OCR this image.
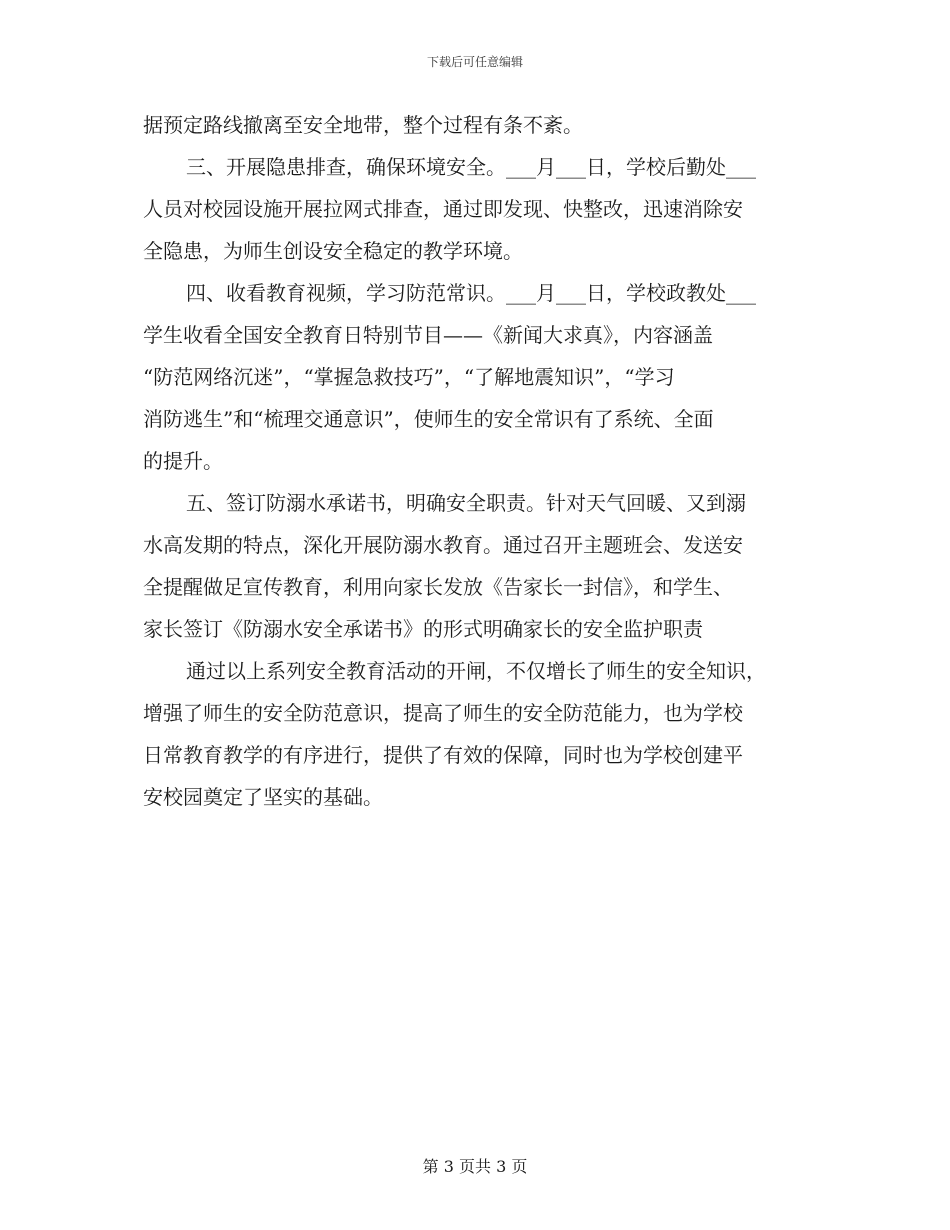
下载后可任意编辑
据预定路线撤离至安全地带，整个过程有条不紊。
三、开展隐患排查，确保环境安全。___月___日，学校后勤处___
人员对校园设施开展拉网式排查，通过即发现、快整改，迅速消除安
全隐患，为师生创设安全稳定的教学环境。
四、收看教育视频，学习防范常识。___月___日，学校政教处___
学生收看全国安全教育日特别节目——《新闻大求真》，内容涵盖
“防范网络沉迷”，“掌握急救技巧”，“了解地震知识”，“学习
消防逃生”和“梳理交通意识”，使师生的安全常识有了系统、全面
的提升。
五、签订防溺水承诺书，明确安全职责。针对天气回暖、又到溺
水高发期的特点，深化开展防溺水教育。通过召开主题班会、发送安
全提醒做足宣传教育，利用向家长发放《告家长一封信》，和学生、
家长签订《防溺水安全承诺书》的形式明确家长的安全监护职责
通过以上系列安全教育活动的开闸，不仅增长了师生的安全知识，
增强了师生的安全防范意识，提高了师生的安全防范能力，也为学校
日常教育教学的有序进行，提供了有效的保障，同时也为学校创建平
安校园奠定了坚实的基础。
第 3 页共 3 页
